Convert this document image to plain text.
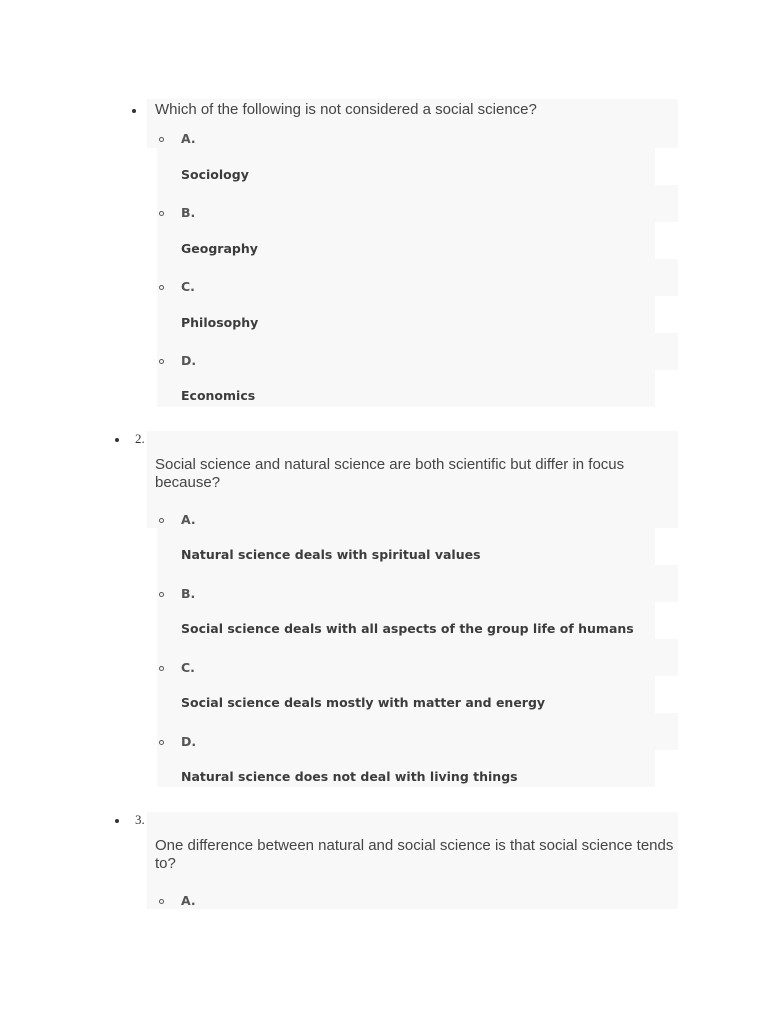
Which of the following is not considered a social science?
A.
Sociology
B.
Geography
C.
Philosophy
D.
Economics
2.
Social science and natural science are both scientific but differ in focus because?
A.
Natural science deals with spiritual values
B.
Social science deals with all aspects of the group life of humans
C.
Social science deals mostly with matter and energy
D.
Natural science does not deal with living things
3.
One difference between natural and social science is that social science tends to?
A.
